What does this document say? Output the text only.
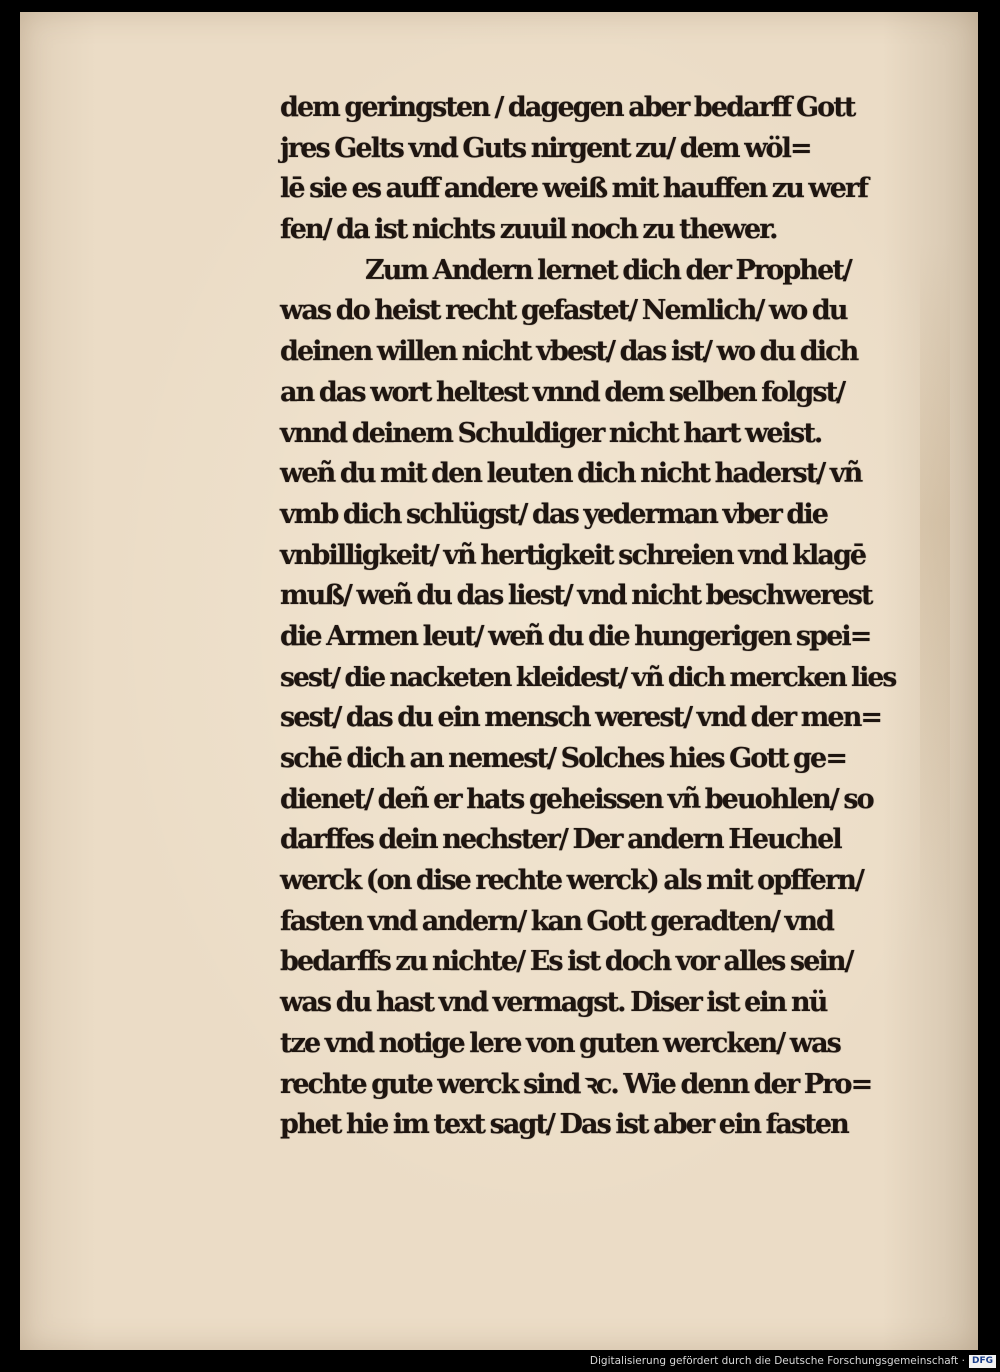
dem geringsten / dagegen aber bedarff Gott
jres Gelts vnd Guts nirgent zu/ dem wöl=
lē sie es auff andere weiß mit hauffen zu werf
fen/ da ist nichts zuuil noch zu thewer.
Zum Andern lernet dich der Prophet/
was do heist recht gefastet/ Nemlich/ wo du
deinen willen nicht vbest/ das ist/ wo du dich
an das wort heltest vnnd dem selben folgst/
vnnd deinem Schuldiger nicht hart weist.
weñ du mit den leuten dich nicht haderst/ vñ
vmb dich schlügst/ das yederman vber die
vnbilligkeit/ vñ hertigkeit schreien vnd klagē
muß/ weñ du das liest/ vnd nicht beschwerest
die Armen leut/ weñ du die hungerigen spei=
sest/ die nacketen kleidest/ vñ dich mercken lies
sest/ das du ein mensch werest/ vnd der men=
schē dich an nemest/ Solches hies Gott ge=
dienet/ deñ er hats geheissen vñ beuohlen/ so
darffes dein nechster/ Der andern Heuchel
werck (on dise rechte werck) als mit opffern/
fasten vnd andern/ kan Gott geradten/ vnd
bedarffs zu nichte/ Es ist doch vor alles sein/
was du hast vnd vermagst. Diser ist ein nü
tze vnd notige lere von guten wercken/ was
rechte gute werck sind ꝛc. Wie denn der Pro=
phet hie im text sagt/ Das ist aber ein fasten
Digitalisierung gefördert durch die Deutsche Forschungsgemeinschaft · DFG
